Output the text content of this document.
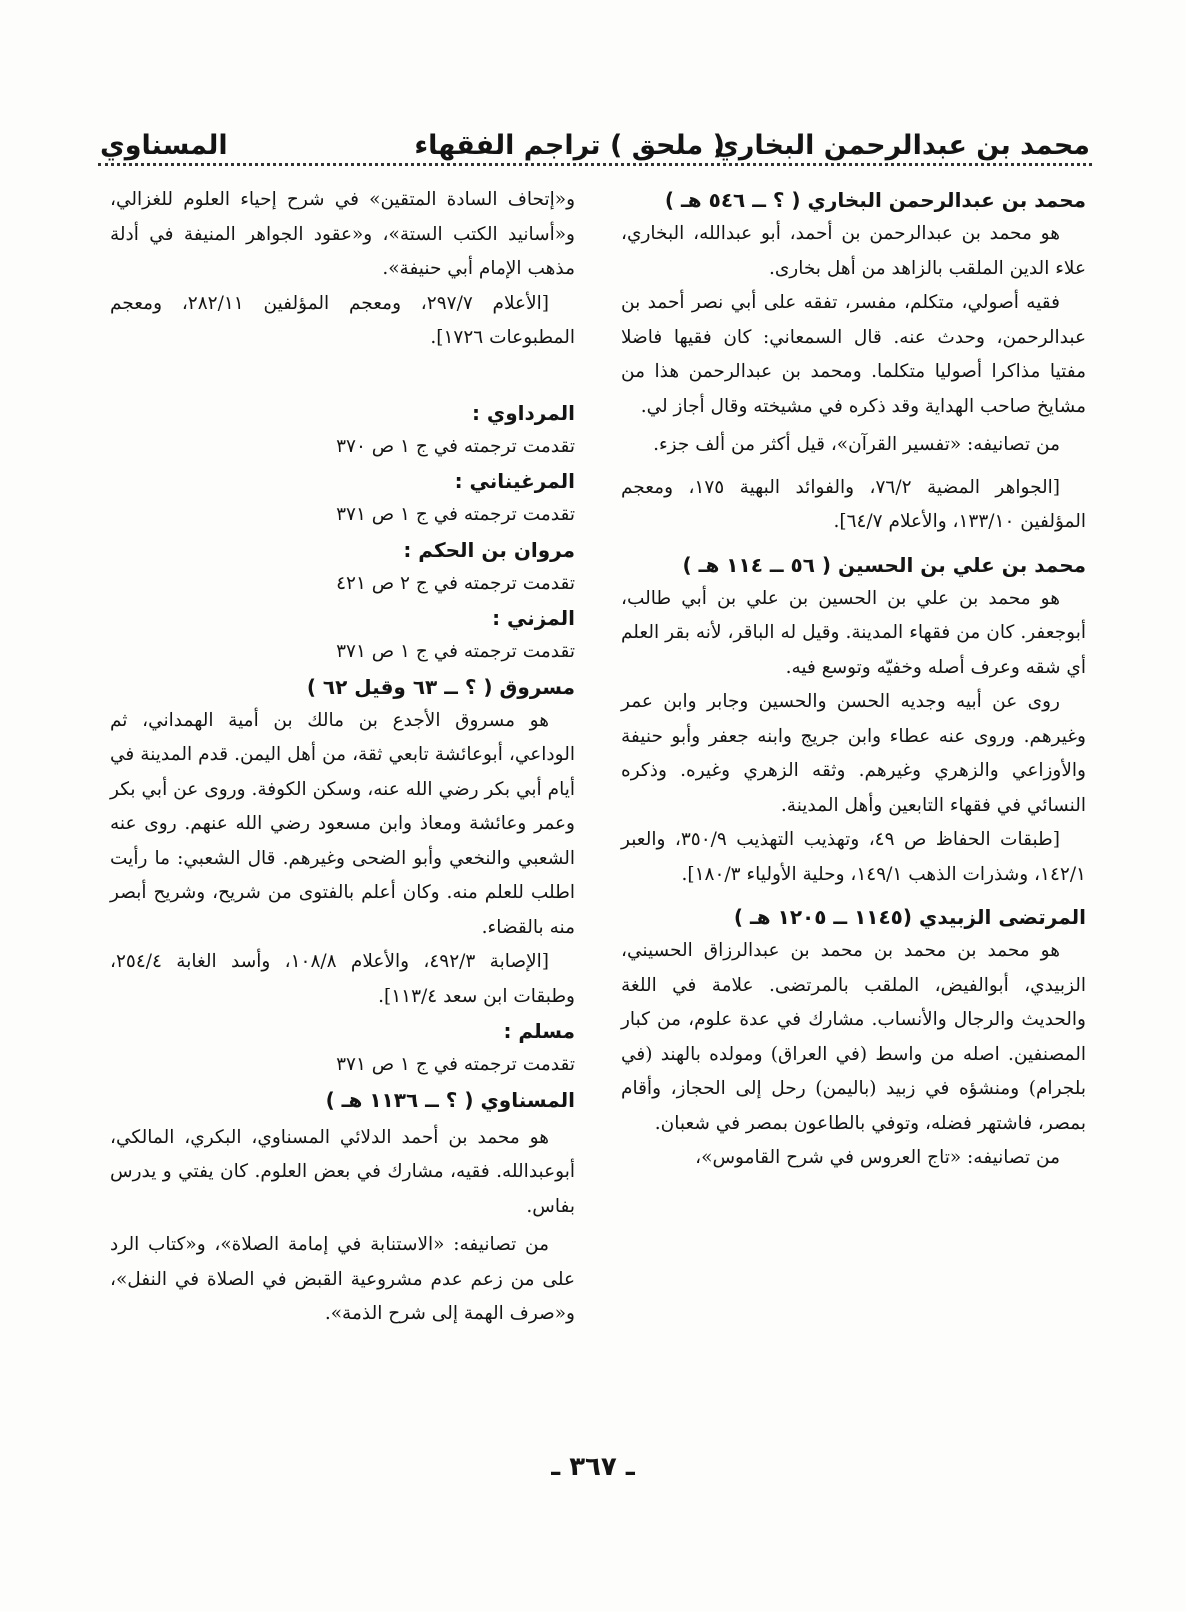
محمد بن عبدالرحمن البخاري
( ملحق ) تراجم الفقهاء
المسناوي

محمد بن عبدالرحمن البخاري ( ؟ ــ ٥٤٦ هـ )

هو محمد بن عبدالرحمن بن أحمد، أبو عبدالله، البخاري، علاء الدين الملقب بالزاهد من أهل بخارى.

فقيه أصولي، متكلم، مفسر، تفقه على أبي نصر أحمد بن عبدالرحمن، وحدث عنه. قال السمعاني: كان فقيها فاضلا مفتيا مذاكرا أصوليا متكلما. ومحمد بن عبدالرحمن هذا من مشايخ صاحب الهداية وقد ذكره في مشيخته وقال أجاز لي.

من تصانيفه: «تفسير القرآن»، قيل أكثر من ألف جزء.

[الجواهر المضية ٧٦/٢، والفوائد البهية ١٧٥، ومعجم المؤلفين ١٣٣/١٠، والأعلام ٦٤/٧].

محمد بن علي بن الحسين ( ٥٦ ــ ١١٤ هـ )

هو محمد بن علي بن الحسين بن علي بن أبي طالب، أبوجعفر. كان من فقهاء المدينة. وقيل له الباقر، لأنه بقر العلم أي شقه وعرف أصله وخفيّه وتوسع فيه.

روى عن أبيه وجديه الحسن والحسين وجابر وابن عمر وغيرهم. وروى عنه عطاء وابن جريج وابنه جعفر وأبو حنيفة والأوزاعي والزهري وغيرهم. وثقه الزهري وغيره. وذكره النسائي في فقهاء التابعين وأهل المدينة.

[طبقات الحفاظ ص ٤٩، وتهذيب التهذيب ٣٥٠/٩، والعبر ١٤٢/١، وشذرات الذهب ١٤٩/١، وحلية الأولياء ١٨٠/٣].

المرتضى الزبيدي (١١٤٥ ــ ١٢٠٥ هـ )

هو محمد بن محمد بن محمد بن عبدالرزاق الحسيني، الزبيدي، أبوالفيض، الملقب بالمرتضى. علامة في اللغة والحديث والرجال والأنساب. مشارك في عدة علوم، من كبار المصنفين. اصله من واسط (في العراق) ومولده بالهند (في بلجرام) ومنشؤه في زبيد (باليمن) رحل إلى الحجاز، وأقام بمصر، فاشتهر فضله، وتوفي بالطاعون بمصر في شعبان.

من تصانيفه: «تاج العروس في شرح القاموس»،

و«إتحاف السادة المتقين» في شرح إحياء العلوم للغزالي، و«أسانيد الكتب الستة»، و«عقود الجواهر المنيفة في أدلة مذهب الإمام أبي حنيفة».

[الأعلام ٢٩٧/٧، ومعجم المؤلفين ٢٨٢/١١، ومعجم المطبوعات ١٧٢٦].

المرداوي :

تقدمت ترجمته في ج ١ ص ٣٧٠

المرغيناني :

تقدمت ترجمته في ج ١ ص ٣٧١

مروان بن الحكم :

تقدمت ترجمته في ج ٢ ص ٤٢١

المزني :

تقدمت ترجمته في ج ١ ص ٣٧١

مسروق ( ؟ ــ ٦٣ وقيل ٦٢ )

هو مسروق الأجدع بن مالك بن أمية الهمداني، ثم الوداعي، أبوعائشة تابعي ثقة، من أهل اليمن. قدم المدينة في أيام أبي بكر رضي الله عنه، وسكن الكوفة. وروى عن أبي بكر وعمر وعائشة ومعاذ وابن مسعود رضي الله عنهم. روى عنه الشعبي والنخعي وأبو الضحى وغيرهم. قال الشعبي: ما رأيت اطلب للعلم منه. وكان أعلم بالفتوى من شريح، وشريح أبصر منه بالقضاء.

[الإصابة ٤٩٢/٣، والأعلام ١٠٨/٨، وأسد الغابة ٢٥٤/٤، وطبقات ابن سعد ١١٣/٤].

مسلم :

تقدمت ترجمته في ج ١ ص ٣٧١

المسناوي ( ؟ ــ ١١٣٦ هـ )

هو محمد بن أحمد الدلائي المسناوي، البكري، المالكي، أبوعبدالله. فقيه، مشارك في بعض العلوم. كان يفتي و يدرس بفاس.

من تصانيفه: «الاستنابة في إمامة الصلاة»، و«كتاب الرد على من زعم عدم مشروعية القبض في الصلاة في النفل»، و«صرف الهمة إلى شرح الذمة».

ـ ٣٦٧ ـ
